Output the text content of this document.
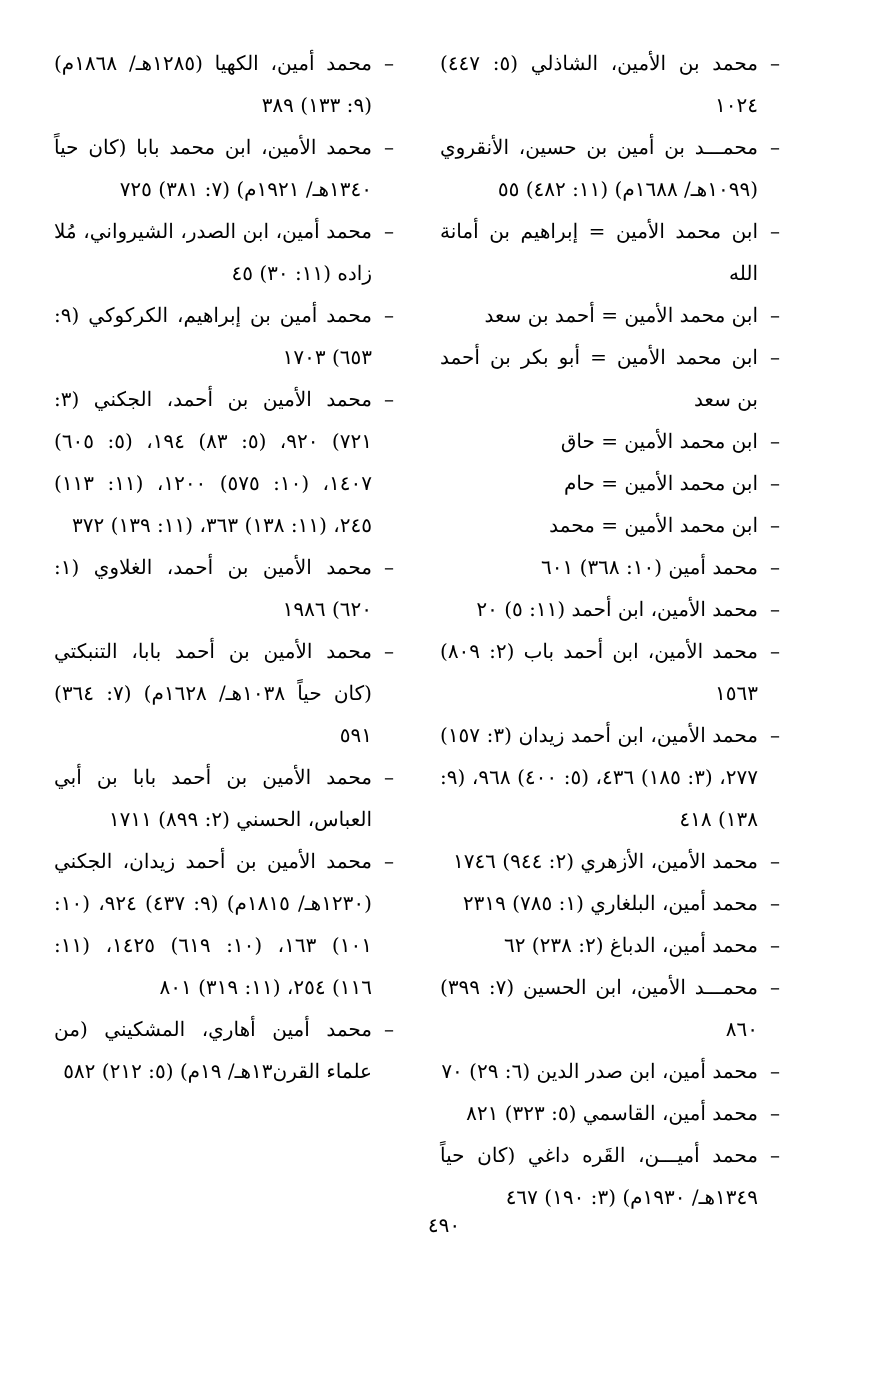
–
محمد بن الأمين، الشاذلي (٥: ٤٤٧) ١٠٢٤
–
محمـــد بن أمين بن حسين، الأنقروي (١٠٩٩هـ/ ١٦٨٨م) (١١: ٤٨٢) ٥٥
–
ابن محمد الأمين = إبراهيم بن أمانة الله
–
ابن محمد الأمين = أحمد بن سعد
–
ابن محمد الأمين = أبو بكر بن أحمد بن سعد
–
ابن محمد الأمين = حاق
–
ابن محمد الأمين = حام
–
ابن محمد الأمين = محمد
–
محمد أمين (١٠: ٣٦٨) ٦٠١
–
محمد الأمين، ابن أحمد (١١: ٥) ٢٠
–
محمد الأمين، ابن أحمد باب (٢: ٨٠٩) ١٥٦٣
–
محمد الأمين، ابن أحمد زيدان (٣: ١٥٧) ٢٧٧، (٣: ١٨٥) ٤٣٦، (٥: ٤٠٠) ٩٦٨، (٩: ١٣٨) ٤١٨
–
محمد الأمين، الأزهري (٢: ٩٤٤) ١٧٤٦
–
محمد أمين، البلغاري (١: ٧٨٥) ٢٣١٩
–
محمد أمين، الدباغ (٢: ٢٣٨) ٦٢
–
محمـــد الأمين، ابن الحسين (٧: ٣٩٩) ٨٦٠
–
محمد أمين، ابن صدر الدين (٦: ٢٩) ٧٠
–
محمد أمين، القاسمي (٥: ٣٢٣) ٨٢١
–
محمد أميـــن، القَره داغي (كان حياً ١٣٤٩هـ/ ١٩٣٠م) (٣: ١٩٠) ٤٦٧
–
محمد أمين، الكهيا (١٢٨٥هـ/ ١٨٦٨م) (٩: ١٣٣) ٣٨٩
–
محمد الأمين، ابن محمد بابا (كان حياً ١٣٤٠هـ/ ١٩٢١م) (٧: ٣٨١) ٧٢٥
–
محمد أمين، ابن الصدر، الشيرواني، مُلا زاده (١١: ٣٠) ٤٥
–
محمد أمين بن إبراهيم، الكركوكي (٩: ٦٥٣) ١٧٠٣
–
محمد الأمين بن أحمد، الجكني (٣: ٧٢١) ٩٢٠، (٥: ٨٣) ١٩٤، (٥: ٦٠٥) ١٤٠٧، (١٠: ٥٧٥) ١٢٠٠، (١١: ١١٣) ٢٤٥، (١١: ١٣٨) ٣٦٣، (١١: ١٣٩) ٣٧٢
–
محمد الأمين بن أحمد، الغلاوي (١: ٦٢٠) ١٩٨٦
–
محمد الأمين بن أحمد بابا، التنبكتي (كان حياً ١٠٣٨هـ/ ١٦٢٨م) (٧: ٣٦٤) ٥٩١
–
محمد الأمين بن أحمد بابا بن أبي العباس، الحسني (٢: ٨٩٩) ١٧١١
–
محمد الأمين بن أحمد زيدان، الجكني (١٢٣٠هـ/ ١٨١٥م) (٩: ٤٣٧) ٩٢٤، (١٠: ١٠١) ١٦٣، (١٠: ٦١٩) ١٤٢٥، (١١: ١١٦) ٢٥٤، (١١: ٣١٩) ٨٠١
–
محمد أمين أهاري، المشكيني (من علماء القرن١٣هـ/ ١٩م) (٥: ٢١٢) ٥٨٢
٤٩٠
